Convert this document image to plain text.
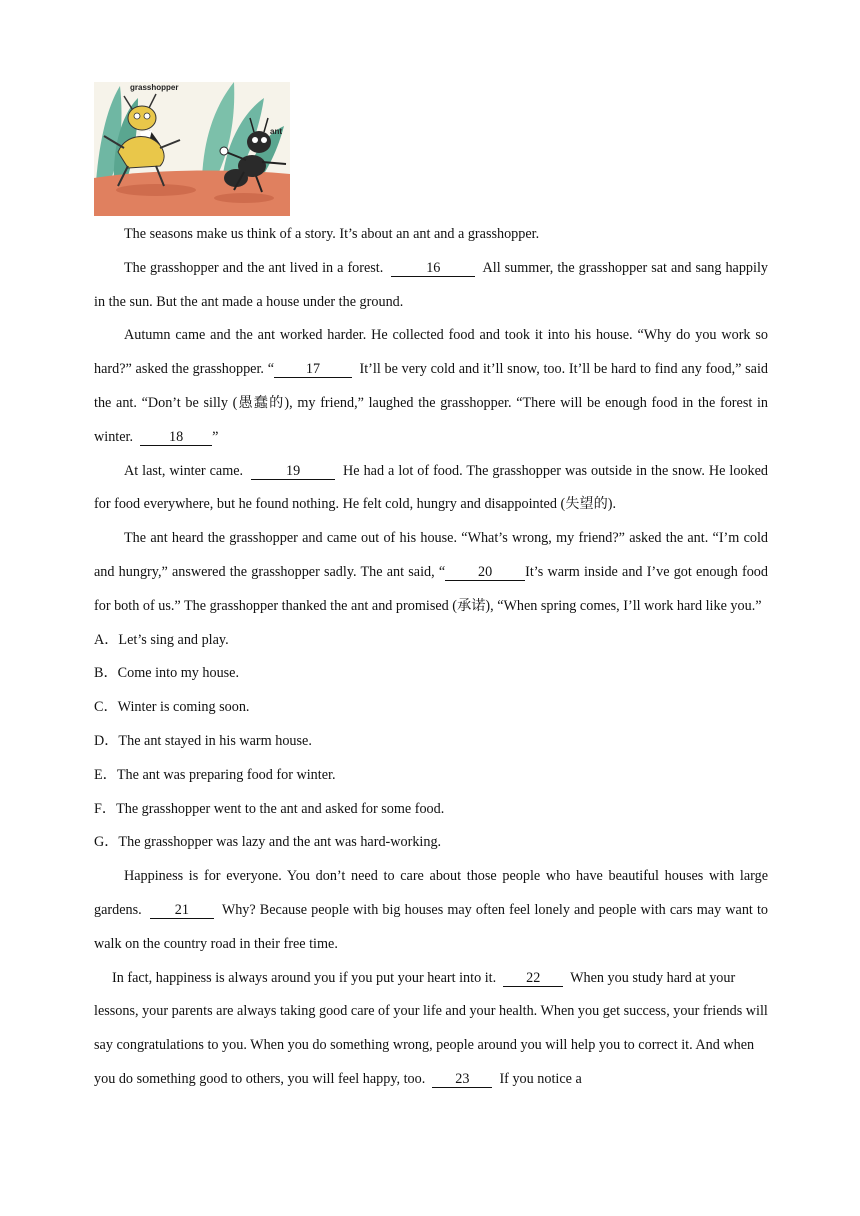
grasshopper
ant

The seasons make us think of a story. It’s about an ant and a grasshopper.

The grasshopper and the ant lived in a forest.	16	All summer, the grasshopper sat and sang happily in the sun. But the ant made a house under the ground.

Autumn came and the ant worked harder. He collected food and took it into his house. “Why do you work so hard?” asked the grasshopper. “ 17	It’ll be very cold and it’ll snow, too. It’ll be hard to find any food,” said the ant. “Don’t be silly (愚蠢的), my friend,” laughed the grasshopper. “There will be enough food in the forest in winter.	18 ”

At last, winter came.	19	He had a lot of food. The grasshopper was outside in the snow. He looked for food everywhere, but he found nothing. He felt cold, hungry and disappointed (失望的).

The ant heard the grasshopper and came out of his house. “What’s wrong, my friend?” asked the ant. “I’m cold and hungry,” answered the grasshopper sadly. The ant said, “ 20 It’s warm inside and I’ve got enough food for both of us.” The grasshopper thanked the ant and promised (承诺), “When spring comes, I’ll work hard like you.”

A．Let’s sing and play.

B．Come into my house.

C．Winter is coming soon.

D．The ant stayed in his warm house.

E．The ant was preparing food for winter.

F．The grasshopper went to the ant and asked for some food.

G．The grasshopper was lazy and the ant was hard-working.

Happiness is for everyone. You don’t need to care about those people who have beautiful houses with large gardens. 21 Why? Because people with big houses may often feel lonely and people with cars may want to walk on the country road in their free time.

In fact, happiness is always around you if you put your heart into it. 22 When you study hard at your lessons, your parents are always taking good care of your life and your health. When you get success, your friends will say congratulations to you. When you do something wrong, people around you will help you to correct it. And when you do something good to others, you will feel happy, too. 23 If you notice a
